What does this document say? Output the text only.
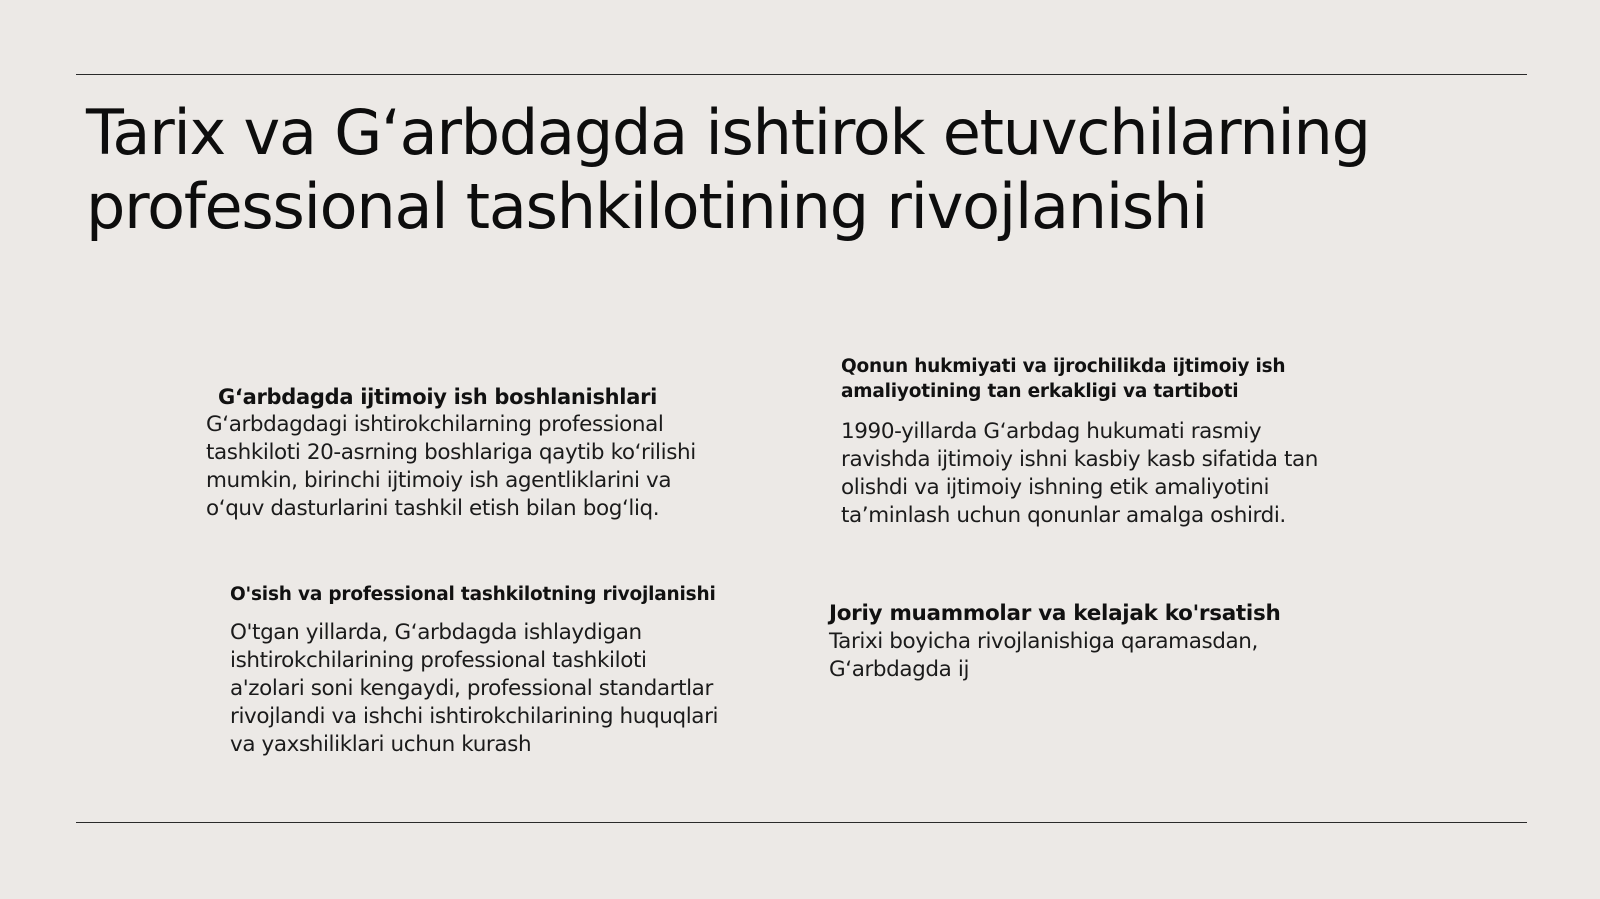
Tarix va G‘arbdagda ishtirok etuvchilarning
professional tashkilotining rivojlanishi

G‘arbdagda ijtimoiy ish boshlanishlari

G‘arbdagdagi ishtirokchilarning professional
tashkiloti 20-asrning boshlariga qaytib ko‘rilishi
mumkin, birinchi ijtimoiy ish agentliklarini va
o‘quv dasturlarini tashkil etish bilan bog‘liq.

Qonun hukmiyati va ijrochilikda ijtimoiy ish
amaliyotining tan erkakligi va tartiboti

1990-yillarda G‘arbdag hukumati rasmiy
ravishda ijtimoiy ishni kasbiy kasb sifatida tan
olishdi va ijtimoiy ishning etik amaliyotini
ta’minlash uchun qonunlar amalga oshirdi.

O'sish va professional tashkilotning rivojlanishi

O'tgan yillarda, G‘arbdagda ishlaydigan
ishtirokchilarining professional tashkiloti
a'zolari soni kengaydi, professional standartlar
rivojlandi va ishchi ishtirokchilarining huquqlari
va yaxshiliklari uchun kurash

Joriy muammolar va kelajak ko'rsatish

Tarixi boyicha rivojlanishiga qaramasdan,
G‘arbdagda ij
